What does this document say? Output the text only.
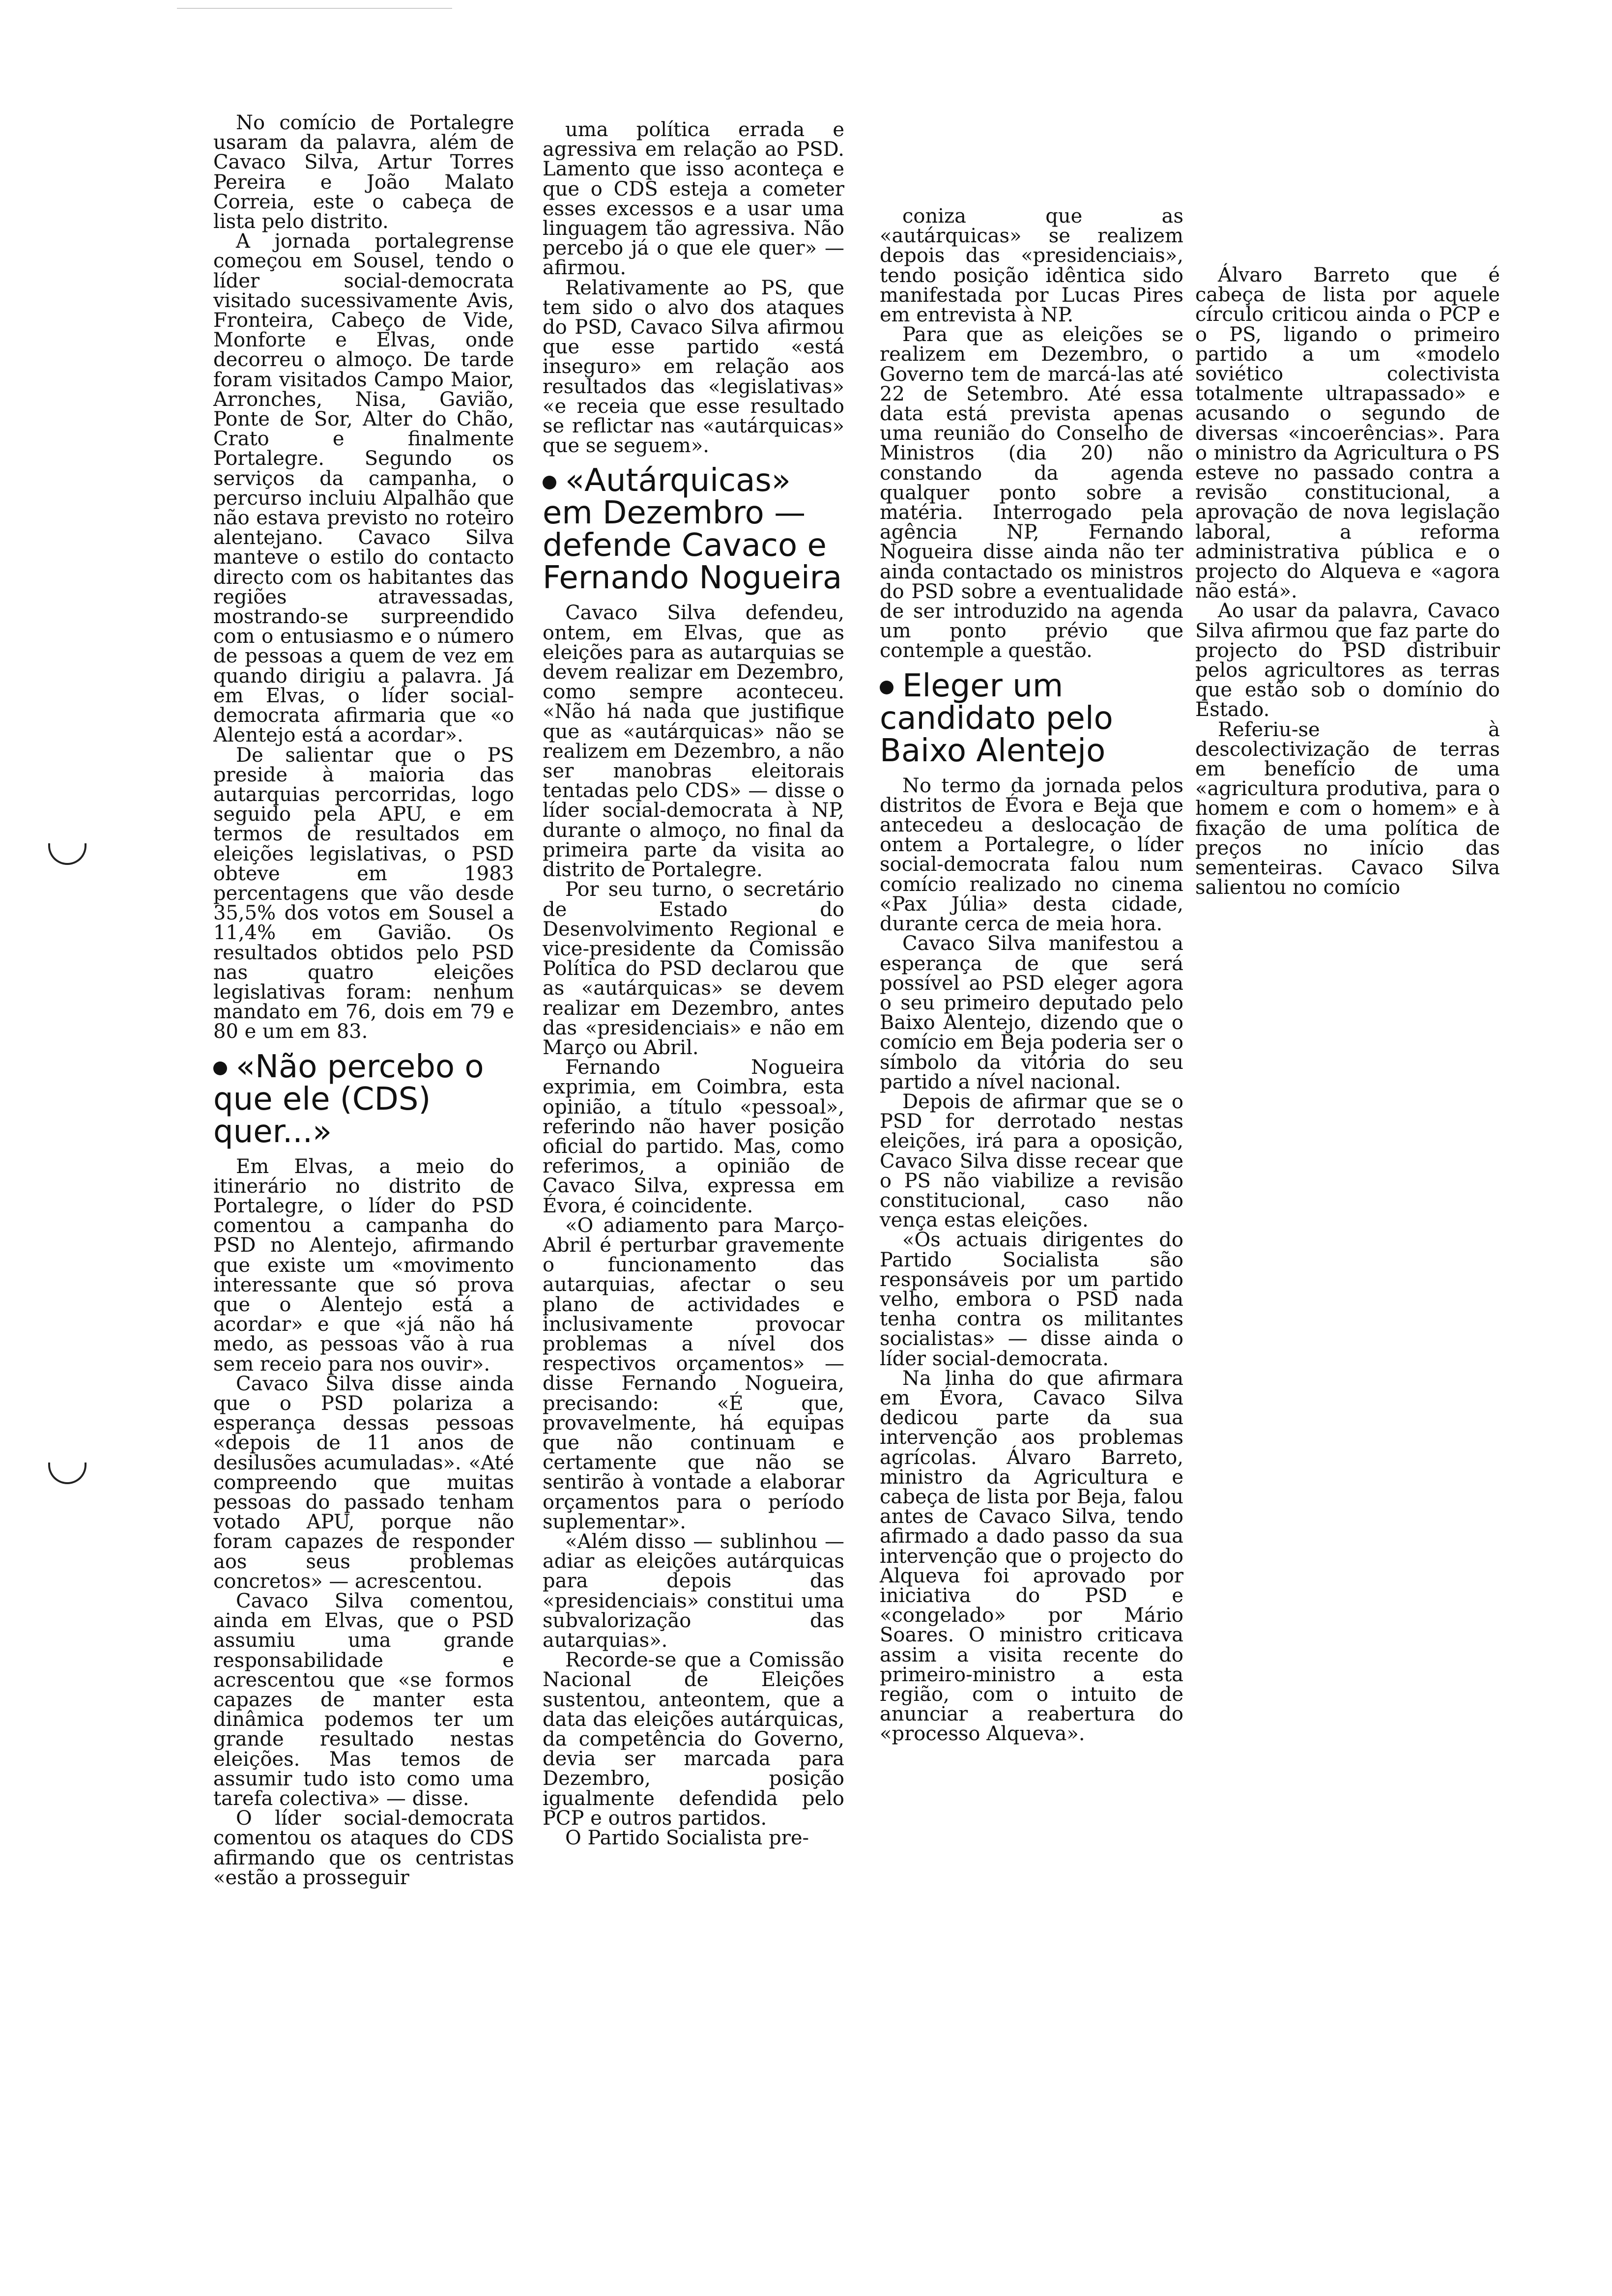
No comício de Portalegre usaram da palavra, além de Cavaco Silva, Artur Torres Pereira e João Malato Correia, este o cabeça de lista pelo distrito.

A jornada portalegrense começou em Sousel, tendo o líder social-democrata visitado sucessivamente Avis, Fronteira, Cabeço de Vide, Monforte e Elvas, onde decorreu o almoço. De tarde foram visitados Campo Maior, Arronches, Nisa, Gavião, Ponte de Sor, Alter do Chão, Crato e finalmente Portalegre. Segundo os serviços da campanha, o percurso incluiu Alpalhão que não estava previsto no roteiro alentejano. Cavaco Silva manteve o estilo do contacto directo com os habitantes das regiões atravessadas, mostrando-se surpreendido com o entusiasmo e o número de pessoas a quem de vez em quando dirigiu a palavra. Já em Elvas, o líder social-democrata afirmaria que «o Alentejo está a acordar».

De salientar que o PS preside à maioria das autarquias percorridas, logo seguido pela APU, e em termos de resultados em eleições legislativas, o PSD obteve em 1983 percentagens que vão desde 35,5% dos votos em Sousel a 11,4% em Gavião. Os resultados obtidos pelo PSD nas quatro eleições legislativas foram: nenhum mandato em 76, dois em 79 e 80 e um em 83.

«Não percebo o que ele (CDS) quer...»

Em Elvas, a meio do itinerário no distrito de Portalegre, o líder do PSD comentou a campanha do PSD no Alentejo, afirmando que existe um «movimento interessante que só prova que o Alentejo está a acordar» e que «já não há medo, as pessoas vão à rua sem receio para nos ouvir».

Cavaco Silva disse ainda que o PSD polariza a esperança dessas pessoas «depois de 11 anos de desilusões acumuladas». «Até compreendo que muitas pessoas do passado tenham votado APU, porque não foram capazes de responder aos seus problemas concretos» — acrescentou.

Cavaco Silva comentou, ainda em Elvas, que o PSD assumiu uma grande responsabilidade e acrescentou que «se formos capazes de manter esta dinâmica podemos ter um grande resultado nestas eleições. Mas temos de assumir tudo isto como uma tarefa colectiva» — disse.

O líder social-democrata comentou os ataques do CDS afirmando que os centristas «estão a prosseguir

uma política errada e agressiva em relação ao PSD. Lamento que isso aconteça e que o CDS esteja a cometer esses excessos e a usar uma linguagem tão agressiva. Não percebo já o que ele quer» — afirmou.

Relativamente ao PS, que tem sido o alvo dos ataques do PSD, Cavaco Silva afirmou que esse partido «está inseguro» em relação aos resultados das «legislativas» «e receia que esse resultado se reflictar nas «autárquicas» que se seguem».

«Autárquicas» em Dezembro — defende Cavaco e Fernando Nogueira

Cavaco Silva defendeu, ontem, em Elvas, que as eleições para as autarquias se devem realizar em Dezembro, como sempre aconteceu. «Não há nada que justifique que as «autárquicas» não se realizem em Dezembro, a não ser manobras eleitorais tentadas pelo CDS» — disse o líder social-democrata à NP, durante o almoço, no final da primeira parte da visita ao distrito de Portalegre.

Por seu turno, o secretário de Estado do Desenvolvimento Regional e vice-presidente da Comissão Política do PSD declarou que as «autárquicas» se devem realizar em Dezembro, antes das «presidenciais» e não em Março ou Abril.

Fernando Nogueira exprimia, em Coimbra, esta opinião, a título «pessoal», referindo não haver posição oficial do partido. Mas, como referimos, a opinião de Cavaco Silva, expressa em Évora, é coincidente.

«O adiamento para Março-Abril é perturbar gravemente o funcionamento das autarquias, afectar o seu plano de actividades e inclusivamente provocar problemas a nível dos respectivos orçamentos» — disse Fernando Nogueira, precisando: «É que, provavelmente, há equipas que não continuam e certamente que não se sentirão à vontade a elaborar orçamentos para o período suplementar».

«Além disso — sublinhou — adiar as eleições autárquicas para depois das «presidenciais» constitui uma subvalorização das autarquias».

Recorde-se que a Comissão Nacional de Eleições sustentou, anteontem, que a data das eleições autárquicas, da competência do Governo, devia ser marcada para Dezembro, posição igualmente defendida pelo PCP e outros partidos.

O Partido Socialista pre-

coniza que as «autárquicas» se realizem depois das «presidenciais», tendo posição idêntica sido manifestada por Lucas Pires em entrevista à NP.

Para que as eleições se realizem em Dezembro, o Governo tem de marcá-las até 22 de Setembro. Até essa data está prevista apenas uma reunião do Conselho de Ministros (dia 20) não constando da agenda qualquer ponto sobre a matéria. Interrogado pela agência NP, Fernando Nogueira disse ainda não ter ainda contactado os ministros do PSD sobre a eventualidade de ser introduzido na agenda um ponto prévio que contemple a questão.

Eleger um candidato pelo Baixo Alentejo

No termo da jornada pelos distritos de Évora e Beja que antecedeu a deslocação de ontem a Portalegre, o líder social-democrata falou num comício realizado no cinema «Pax Júlia» desta cidade, durante cerca de meia hora.

Cavaco Silva manifestou a esperança de que será possível ao PSD eleger agora o seu primeiro deputado pelo Baixo Alentejo, dizendo que o comício em Beja poderia ser o símbolo da vitória do seu partido a nível nacional.

Depois de afirmar que se o PSD for derrotado nestas eleições, irá para a oposição, Cavaco Silva disse recear que o PS não viabilize a revisão constitucional, caso não vença estas eleições.

«Os actuais dirigentes do Partido Socialista são responsáveis por um partido velho, embora o PSD nada tenha contra os militantes socialistas» — disse ainda o líder social-democrata.

Na linha do que afirmara em Évora, Cavaco Silva dedicou parte da sua intervenção aos problemas agrícolas. Álvaro Barreto, ministro da Agricultura e cabeça de lista por Beja, falou antes de Cavaco Silva, tendo afirmado a dado passo da sua intervenção que o projecto do Alqueva foi aprovado por iniciativa do PSD e «congelado» por Mário Soares. O ministro criticava assim a visita recente do primeiro-ministro a esta região, com o intuito de anunciar a reabertura do «processo Alqueva».

Álvaro Barreto que é cabeça de lista por aquele círculo criticou ainda o PCP e o PS, ligando o primeiro partido a um «modelo soviético colectivista totalmente ultrapassado» e acusando o segundo de diversas «incoerências». Para o ministro da Agricultura o PS esteve no passado contra a revisão constitucional, a aprovação de nova legislação laboral, a reforma administrativa pública e o projecto do Alqueva e «agora não está».

Ao usar da palavra, Cavaco Silva afirmou que faz parte do projecto do PSD distribuir pelos agricultores as terras que estão sob o domínio do Estado.

Referiu-se à descolectivização de terras em benefício de uma «agricultura produtiva, para o homem e com o homem» e à fixação de uma política de preços no início das sementeiras. Cavaco Silva salientou no comício
